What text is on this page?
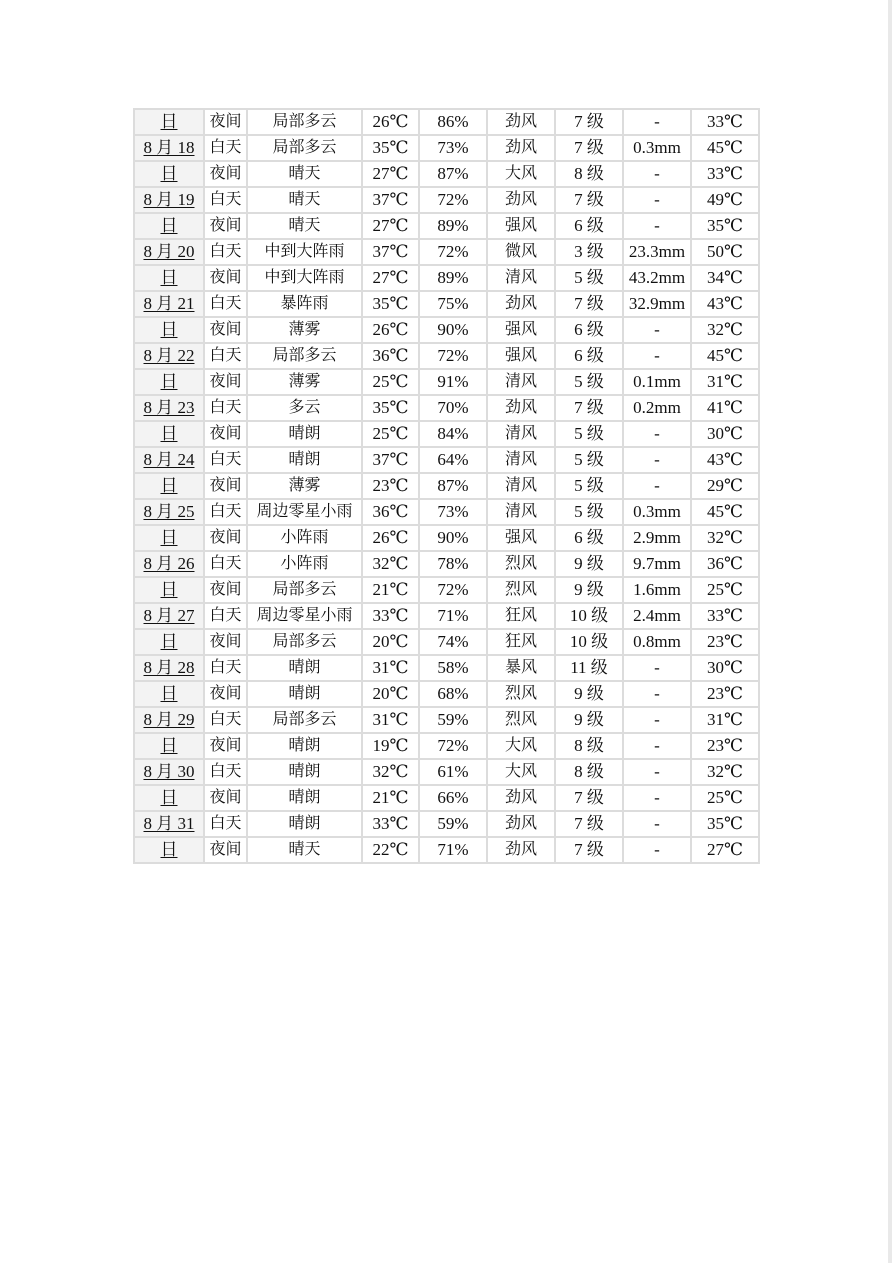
日	夜间	局部多云	26℃	86%	劲风	7 级	-	33℃
8 月 18	白天	局部多云	35℃	73%	劲风	7 级	0.3mm	45℃
日	夜间	晴天	27℃	87%	大风	8 级	-	33℃
8 月 19	白天	晴天	37℃	72%	劲风	7 级	-	49℃
日	夜间	晴天	27℃	89%	强风	6 级	-	35℃
8 月 20	白天	中到大阵雨	37℃	72%	微风	3 级	23.3mm	50℃
日	夜间	中到大阵雨	27℃	89%	清风	5 级	43.2mm	34℃
8 月 21	白天	暴阵雨	35℃	75%	劲风	7 级	32.9mm	43℃
日	夜间	薄雾	26℃	90%	强风	6 级	-	32℃
8 月 22	白天	局部多云	36℃	72%	强风	6 级	-	45℃
日	夜间	薄雾	25℃	91%	清风	5 级	0.1mm	31℃
8 月 23	白天	多云	35℃	70%	劲风	7 级	0.2mm	41℃
日	夜间	晴朗	25℃	84%	清风	5 级	-	30℃
8 月 24	白天	晴朗	37℃	64%	清风	5 级	-	43℃
日	夜间	薄雾	23℃	87%	清风	5 级	-	29℃
8 月 25	白天	周边零星小雨	36℃	73%	清风	5 级	0.3mm	45℃
日	夜间	小阵雨	26℃	90%	强风	6 级	2.9mm	32℃
8 月 26	白天	小阵雨	32℃	78%	烈风	9 级	9.7mm	36℃
日	夜间	局部多云	21℃	72%	烈风	9 级	1.6mm	25℃
8 月 27	白天	周边零星小雨	33℃	71%	狂风	10 级	2.4mm	33℃
日	夜间	局部多云	20℃	74%	狂风	10 级	0.8mm	23℃
8 月 28	白天	晴朗	31℃	58%	暴风	11 级	-	30℃
日	夜间	晴朗	20℃	68%	烈风	9 级	-	23℃
8 月 29	白天	局部多云	31℃	59%	烈风	9 级	-	31℃
日	夜间	晴朗	19℃	72%	大风	8 级	-	23℃
8 月 30	白天	晴朗	32℃	61%	大风	8 级	-	32℃
日	夜间	晴朗	21℃	66%	劲风	7 级	-	25℃
8 月 31	白天	晴朗	33℃	59%	劲风	7 级	-	35℃
日	夜间	晴天	22℃	71%	劲风	7 级	-	27℃
